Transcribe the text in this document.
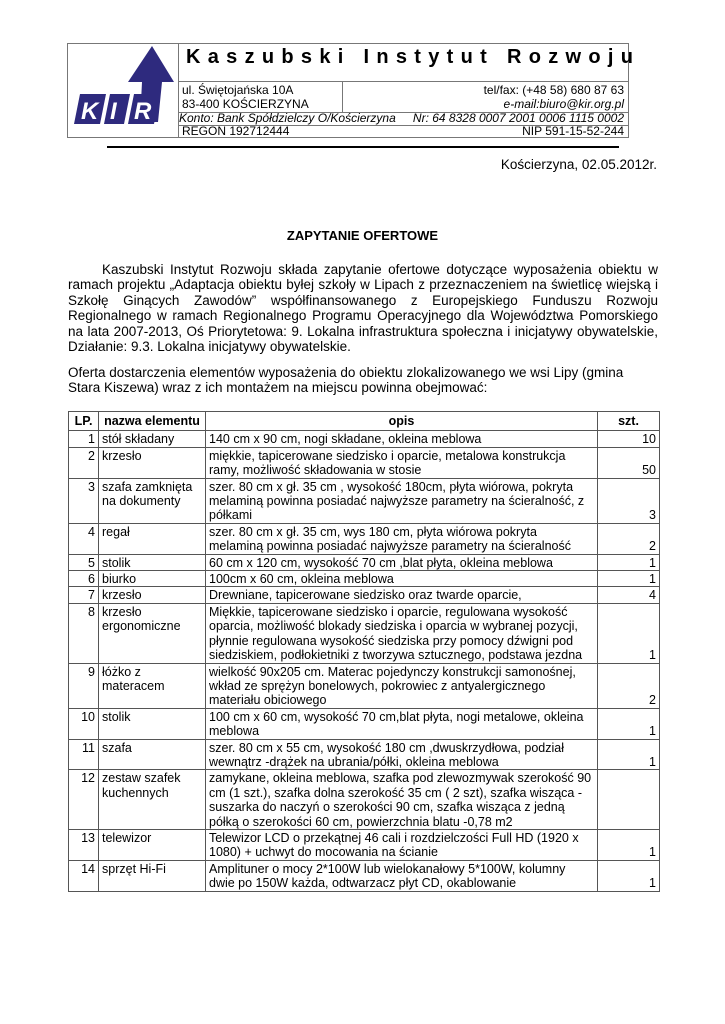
K I R
Kaszubski Instytut Rozwoju
ul. Świętojańska 10A
83-400 KOŚCIERZYNA
tel/fax: (+48 58) 680 87 63
e-mail:biuro@kir.org.pl
Konto: Bank Spółdzielczy O/Kościerzyna Nr: 64 8328 0007 2001 0006 1115 0002
REGON 192712444	NIP 591-15-52-244
Kościerzyna, 02.05.2012r.
ZAPYTANIE OFERTOWE
Kaszubski Instytut Rozwoju składa zapytanie ofertowe dotyczące wyposażenia obiektu w ramach projektu „Adaptacja obiektu byłej szkoły w Lipach z przeznaczeniem na świetlicę wiejską i Szkołę Ginących Zawodów” współfinansowanego z Europejskiego Funduszu Rozwoju Regionalnego w ramach Regionalnego Programu Operacyjnego dla Województwa Pomorskiego na lata 2007-2013, Oś Priorytetowa: 9. Lokalna infrastruktura społeczna i inicjatywy obywatelskie, Działanie: 9.3. Lokalna inicjatywy obywatelskie.
Oferta dostarczenia elementów wyposażenia do obiektu zlokalizowanego we wsi Lipy (gmina Stara Kiszewa) wraz z ich montażem na miejscu powinna obejmować:
LP.	nazwa elementu	opis	szt.
1	stół składany	140 cm x 90 cm, nogi składane, okleina meblowa	10
2	krzesło	miękkie, tapicerowane siedzisko i oparcie, metalowa konstrukcja ramy, możliwość składowania w stosie	50
3	szafa zamknięta na dokumenty	szer. 80 cm x gł. 35 cm , wysokość 180cm, płyta wiórowa, pokryta melaminą powinna posiadać najwyższe parametry na ścieralność, z półkami	3
4	regał	szer. 80 cm x gł. 35 cm, wys 180 cm, płyta wiórowa pokryta melaminą powinna posiadać najwyższe parametry na ścieralność	2
5	stolik	60 cm x 120 cm, wysokość 70 cm ,blat płyta, okleina meblowa	1
6	biurko	100cm x 60 cm, okleina meblowa	1
7	krzesło	Drewniane, tapicerowane siedzisko oraz twarde oparcie,	4
8	krzesło ergonomiczne	Miękkie, tapicerowane siedzisko i oparcie, regulowana wysokość oparcia, możliwość blokady siedziska i oparcia w wybranej pozycji, płynnie regulowana wysokość siedziska przy pomocy dźwigni pod siedziskiem, podłokietniki z tworzywa sztucznego, podstawa jezdna	1
9	łóżko z materacem	wielkość 90x205 cm. Materac pojedynczy konstrukcji samonośnej, wkład ze sprężyn bonelowych, pokrowiec z antyalergicznego materiału obiciowego	2
10	stolik	100 cm x 60 cm, wysokość 70 cm,blat płyta, nogi metalowe, okleina meblowa	1
11	szafa	szer. 80 cm x 55 cm, wysokość 180 cm ,dwuskrzydłowa, podział wewnątrz -drążek na ubrania/półki, okleina meblowa	1
12	zestaw szafek kuchennych	zamykane, okleina meblowa, szafka pod zlewozmywak szerokość 90 cm (1 szt.), szafka dolna szerokość 35 cm ( 2 szt), szafka wisząca - suszarka do naczyń o szerokości 90 cm, szafka wisząca z jedną półką o szerokości 60 cm, powierzchnia blatu -0,78 m2	
13	telewizor	Telewizor LCD o przekątnej 46 cali i rozdzielczości Full HD (1920 x 1080) + uchwyt do mocowania na ścianie	1
14	sprzęt Hi-Fi	Amplituner o mocy 2*100W lub wielokanałowy 5*100W, kolumny dwie po 150W każda, odtwarzacz płyt CD, okablowanie	1
